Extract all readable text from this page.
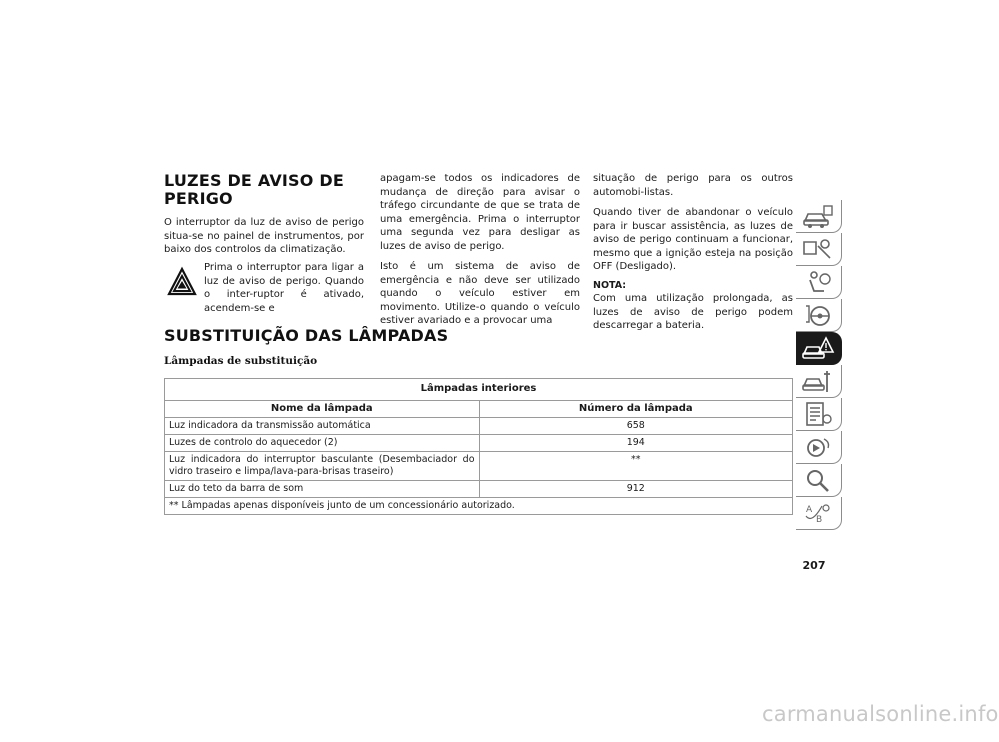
LUZES DE AVISO DE PERIGO

O interruptor da luz de aviso de perigo situa-se no painel de instrumentos, por baixo dos controlos da climatização.

Prima o interruptor para ligar a luz de aviso de perigo. Quando o inter-ruptor é ativado, acendem-se e

apagam-se todos os indicadores de mudança de direção para avisar o tráfego circundante de que se trata de uma emergência. Prima o interruptor uma segunda vez para desligar as luzes de aviso de perigo.

Isto é um sistema de aviso de emergência e não deve ser utilizado quando o veículo estiver em movimento. Utilize-o quando o veículo estiver avariado e a provocar uma

situação de perigo para os outros automobi-listas.

Quando tiver de abandonar o veículo para ir buscar assistência, as luzes de aviso de perigo continuam a funcionar, mesmo que a ignição esteja na posição OFF (Desligado).

NOTA:
Com uma utilização prolongada, as luzes de aviso de perigo podem descarregar a bateria.

SUBSTITUIÇÃO DAS LÂMPADAS
Lâmpadas de substituição
Lâmpadas interiores	
Nome da lâmpada	Número da lâmpada
Luz indicadora da transmissão automática	658
Luzes de controlo do aquecedor (2)	194
Luz indicadora do interruptor basculante (Desembaciador do vidro traseiro e limpa/lava-para-brisas traseiro)	**
Luz do teto da barra de som	912
** Lâmpadas apenas disponíveis junto de um concessionário autorizado.		A
B
207
carmanualsonline.info
